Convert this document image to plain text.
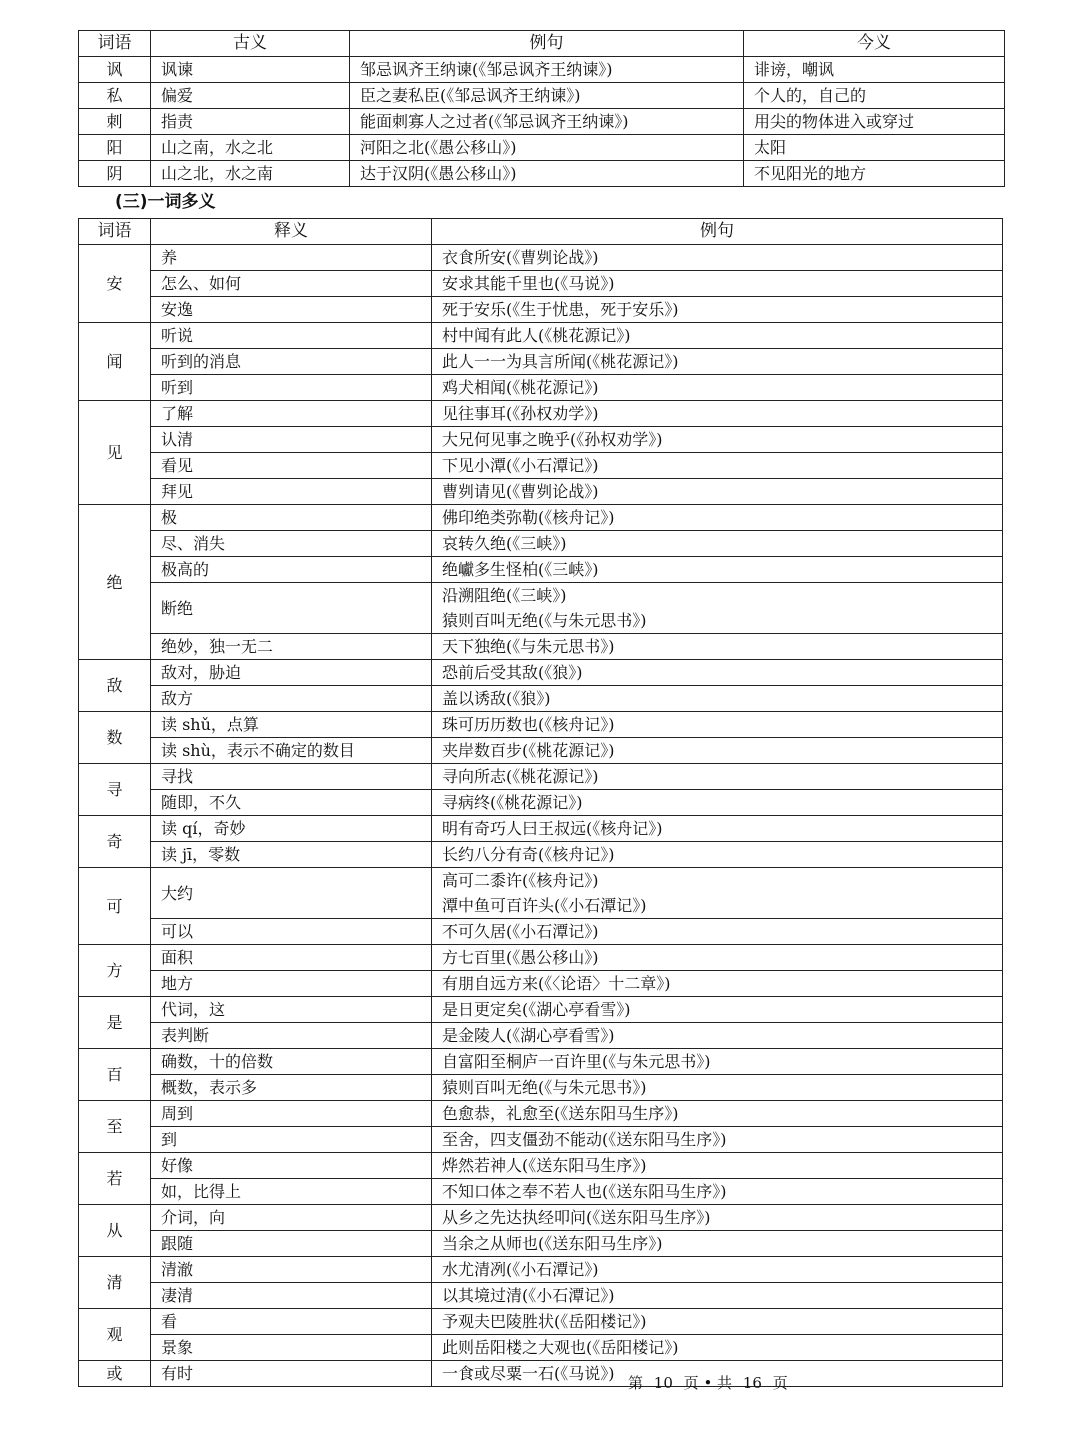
词语	古义	例句	今义
讽	讽谏	邹忌讽齐王纳谏(《邹忌讽齐王纳谏》)	诽谤，嘲讽
私	偏爱	臣之妻私臣(《邹忌讽齐王纳谏》)	个人的，自己的
刺	指责	能面刺寡人之过者(《邹忌讽齐王纳谏》)	用尖的物体进入或穿过
阳	山之南，水之北	河阳之北(《愚公移山》)	太阳
阴	山之北，水之南	达于汉阴(《愚公移山》)	不见阳光的地方
(三)一词多义
词语	释义	例句
安	养	衣食所安(《曹刿论战》)

	怎么、如何	安求其能千里也(《马说》)

	安逸	死于安乐(《生于忧患，死于安乐》)

闻	听说	村中闻有此人(《桃花源记》)

	听到的消息	此人一一为具言所闻(《桃花源记》)

	听到	鸡犬相闻(《桃花源记》)

见	了解	见往事耳(《孙权劝学》)

	认清	大兄何见事之晚乎(《孙权劝学》)

	看见	下见小潭(《小石潭记》)

	拜见	曹刿请见(《曹刿论战》)

绝	极	佛印绝类弥勒(《核舟记》)

	尽、消失	哀转久绝(《三峡》)

	极高的	绝巘多生怪柏(《三峡》)

	断绝	沿溯阻绝(《三峡》)
猿则百叫无绝(《与朱元思书》)

	绝妙，独一无二	天下独绝(《与朱元思书》)

敌	敌对，胁迫	恐前后受其敌(《狼》)

	敌方	盖以诱敌(《狼》)

数	读 shǔ，点算	珠可历历数也(《核舟记》)

	读 shù，表示不确定的数目	夹岸数百步(《桃花源记》)

寻	寻找	寻向所志(《桃花源记》)

	随即，不久	寻病终(《桃花源记》)

奇	读 qí，奇妙	明有奇巧人曰王叔远(《核舟记》)

	读 jī，零数	长约八分有奇(《核舟记》)

可	大约	高可二黍许(《核舟记》)
潭中鱼可百许头(《小石潭记》)

	可以	不可久居(《小石潭记》)

方	面积	方七百里(《愚公移山》)

	地方	有朋自远方来(《〈论语〉十二章》)

是	代词，这	是日更定矣(《湖心亭看雪》)

	表判断	是金陵人(《湖心亭看雪》)

百	确数，十的倍数	自富阳至桐庐一百许里(《与朱元思书》)

	概数，表示多	猿则百叫无绝(《与朱元思书》)

至	周到	色愈恭，礼愈至(《送东阳马生序》)

	到	至舍，四支僵劲不能动(《送东阳马生序》)

若	好像	烨然若神人(《送东阳马生序》)

	如，比得上	不知口体之奉不若人也(《送东阳马生序》)

从	介词，向	从乡之先达执经叩问(《送东阳马生序》)

	跟随	当余之从师也(《送东阳马生序》)

清	清澈	水尤清冽(《小石潭记》)

	凄清	以其境过清(《小石潭记》)

观	看	予观夫巴陵胜状(《岳阳楼记》)

	景象	此则岳阳楼之大观也(《岳阳楼记》)

或	有时	一食或尽粟一石(《马说》) 第 10 页 • 共 16 页
